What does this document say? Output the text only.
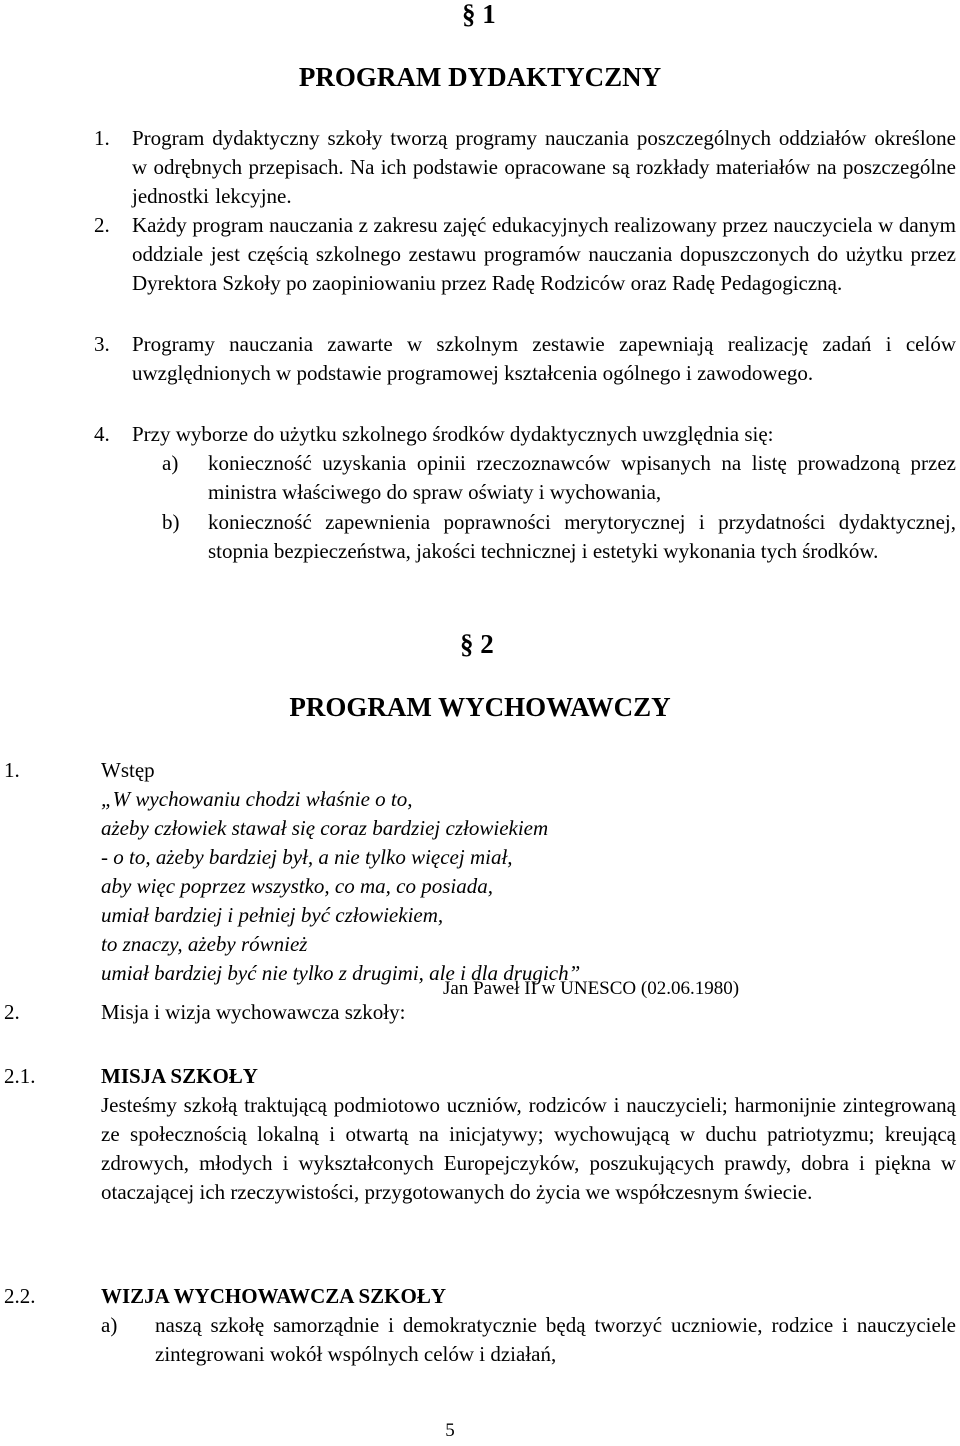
§ 1
PROGRAM DYDAKTYCZNY
1. Program dydaktyczny szkoły tworzą programy nauczania poszczególnych oddziałów określone w odrębnych przepisach. Na ich podstawie opracowane są rozkłady materiałów na poszczególne jednostki lekcyjne.
2. Każdy program nauczania z zakresu zajęć edukacyjnych realizowany przez nauczyciela w danym oddziale jest częścią szkolnego zestawu programów nauczania dopuszczonych do użytku przez Dyrektora Szkoły po zaopiniowaniu przez Radę Rodziców oraz Radę Pedagogiczną.
3. Programy nauczania zawarte w szkolnym zestawie zapewniają realizację zadań i celów uwzględnionych w podstawie programowej kształcenia ogólnego i zawodowego.
4. Przy wyborze do użytku szkolnego środków dydaktycznych uwzględnia się:
a) konieczność uzyskania opinii rzeczoznawców wpisanych na listę prowadzoną przez ministra właściwego do spraw oświaty i wychowania,
b) konieczność zapewnienia poprawności merytorycznej i przydatności dydaktycznej, stopnia bezpieczeństwa, jakości technicznej i estetyki wykonania tych środków.
§ 2
PROGRAM WYCHOWAWCZY
1.	Wstęp
„W wychowaniu chodzi właśnie o to,
ażeby człowiek stawał się coraz bardziej człowiekiem
- o to, ażeby bardziej był, a nie tylko więcej miał,
aby więc poprzez wszystko, co ma, co posiada,
umiał bardziej i pełniej być człowiekiem,
to znaczy, ażeby również
umiał bardziej być nie tylko z drugimi, ale i dla drugich”
Jan Paweł II w UNESCO (02.06.1980)
2.	Misja i wizja wychowawcza szkoły:
2.1.	MISJA SZKOŁY
Jesteśmy szkołą traktującą podmiotowo uczniów, rodziców i nauczycieli; harmonijnie zintegrowaną ze społecznością lokalną i otwartą na inicjatywy; wychowującą w duchu patriotyzmu; kreującą zdrowych, młodych i wykształconych Europejczyków, poszukujących prawdy, dobra i piękna w otaczającej ich rzeczywistości, przygotowanych do życia we współczesnym świecie.
2.2.	WIZJA WYCHOWAWCZA SZKOŁY
a) naszą szkołę samorządnie i demokratycznie będą tworzyć uczniowie, rodzice i nauczyciele zintegrowani wokół wspólnych celów i działań,
5
